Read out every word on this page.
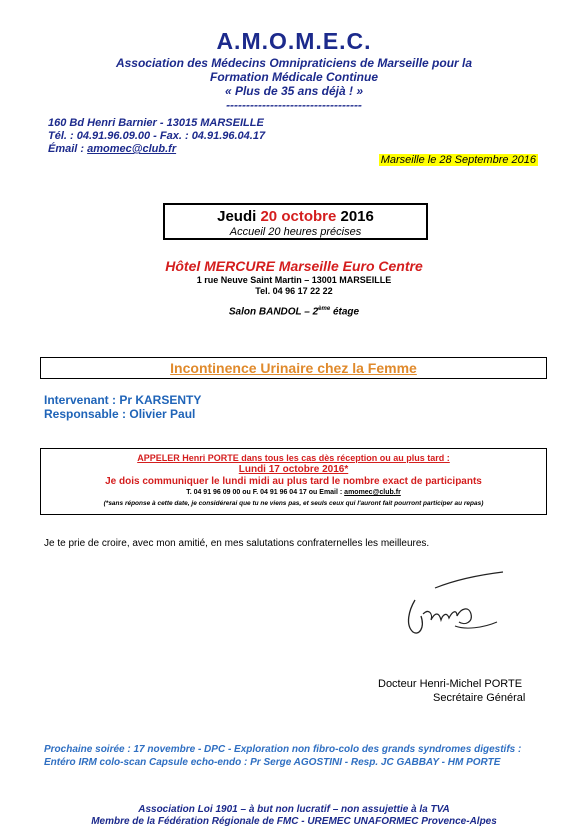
A.M.O.M.E.C.
Association des Médecins Omnipraticiens de Marseille pour la
Formation Médicale Continue
« Plus de 35 ans déjà ! »
----------------------------------
160 Bd Henri Barnier - 13015 MARSEILLE
Tél. : 04.91.96.09.00 - Fax. : 04.91.96.04.17
Émail : amomec@club.fr
Marseille le 28 Septembre 2016
Jeudi 20 octobre 2016
Accueil 20 heures précises
Hôtel MERCURE Marseille Euro Centre
1 rue Neuve Saint Martin – 13001 MARSEILLE
Tel. 04 96 17 22 22
Salon BANDOL – 2ème étage
Incontinence Urinaire chez la Femme
Intervenant : Pr KARSENTY
Responsable : Olivier Paul
APPELER Henri PORTE dans tous les cas dès réception ou au plus tard :
Lundi 17 octobre 2016*
Je dois communiquer le lundi midi au plus tard le nombre exact de participants
T. 04 91 96 09 00 ou F. 04 91 96 04 17 ou Email : amomec@club.fr
(*sans réponse à cette date, je considérerai que tu ne viens pas, et seuls ceux qui l'auront fait pourront participer au repas)
Je te prie de croire, avec mon amitié, en mes salutations confraternelles les meilleures.
Docteur Henri-Michel PORTE
Secrétaire Général
Prochaine soirée : 17 novembre - DPC - Exploration non fibro-colo des grands syndromes digestifs :
Entéro IRM colo-scan Capsule echo-endo : Pr Serge AGOSTINI - Resp. JC GABBAY - HM PORTE
Association Loi 1901 – à but non lucratif – non assujettie à la TVA
Membre de la Fédération Régionale de FMC - UREMEC UNAFORMEC Provence-Alpes
